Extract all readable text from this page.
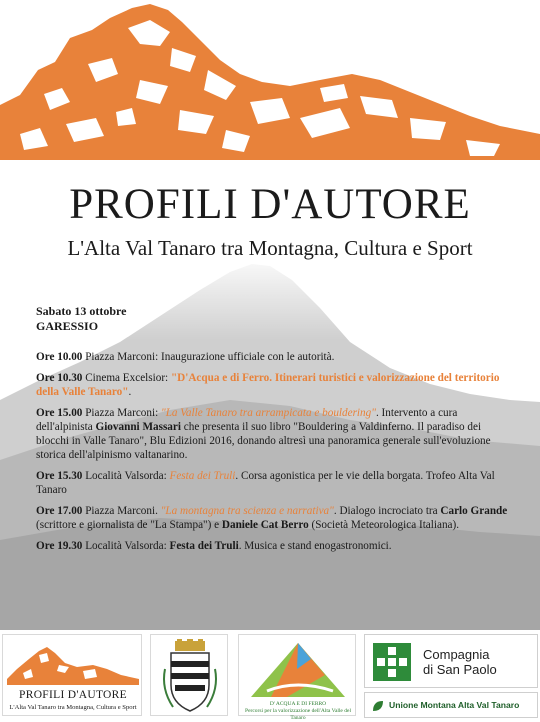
PROFILI D'AUTORE
L'Alta Val Tanaro tra Montagna, Cultura e Sport
Sabato 13 ottobre
GARESSIO
Ore 10.00 Piazza Marconi: Inaugurazione ufficiale con le autorità.
Ore 10.30 Cinema Excelsior: "D'Acqua e di Ferro. Itinerari turistici e valorizzazione del territorio della Valle Tanaro".
Ore 15.00 Piazza Marconi: "La Valle Tanaro tra arrampicata e bouldering". Intervento a cura dell'alpinista Giovanni Massari che presenta il suo libro "Bouldering a Valdinferno. Il paradiso dei blocchi in Valle Tanaro", Blu Edizioni 2016, donando altresì una panoramica generale sull'evoluzione storica dell'alpinismo valtanarino.
Ore 15.30 Località Valsorda: Festa dei Truli. Corsa agonistica per le vie della borgata. Trofeo Alta Val Tanaro
Ore 17.00 Piazza Marconi. "La montagna tra scienza e narrativa". Dialogo incrociato tra Carlo Grande (scrittore e giornalista de "La Stampa") e Daniele Cat Berro (Società Meteorologica Italiana).
Ore 19.30 Località Valsorda: Festa dei Truli. Musica e stand enogastronomici.
PROFILI D'AUTORE
L'Alta Val Tanaro tra Montagna, Cultura e Sport	D' ACQUA E DI FERRO
Percorsi per la valorizzazione dell'Alta Valle del Tanaro
Compagnia
di San Paolo
Unione Montana Alta Val Tanaro
